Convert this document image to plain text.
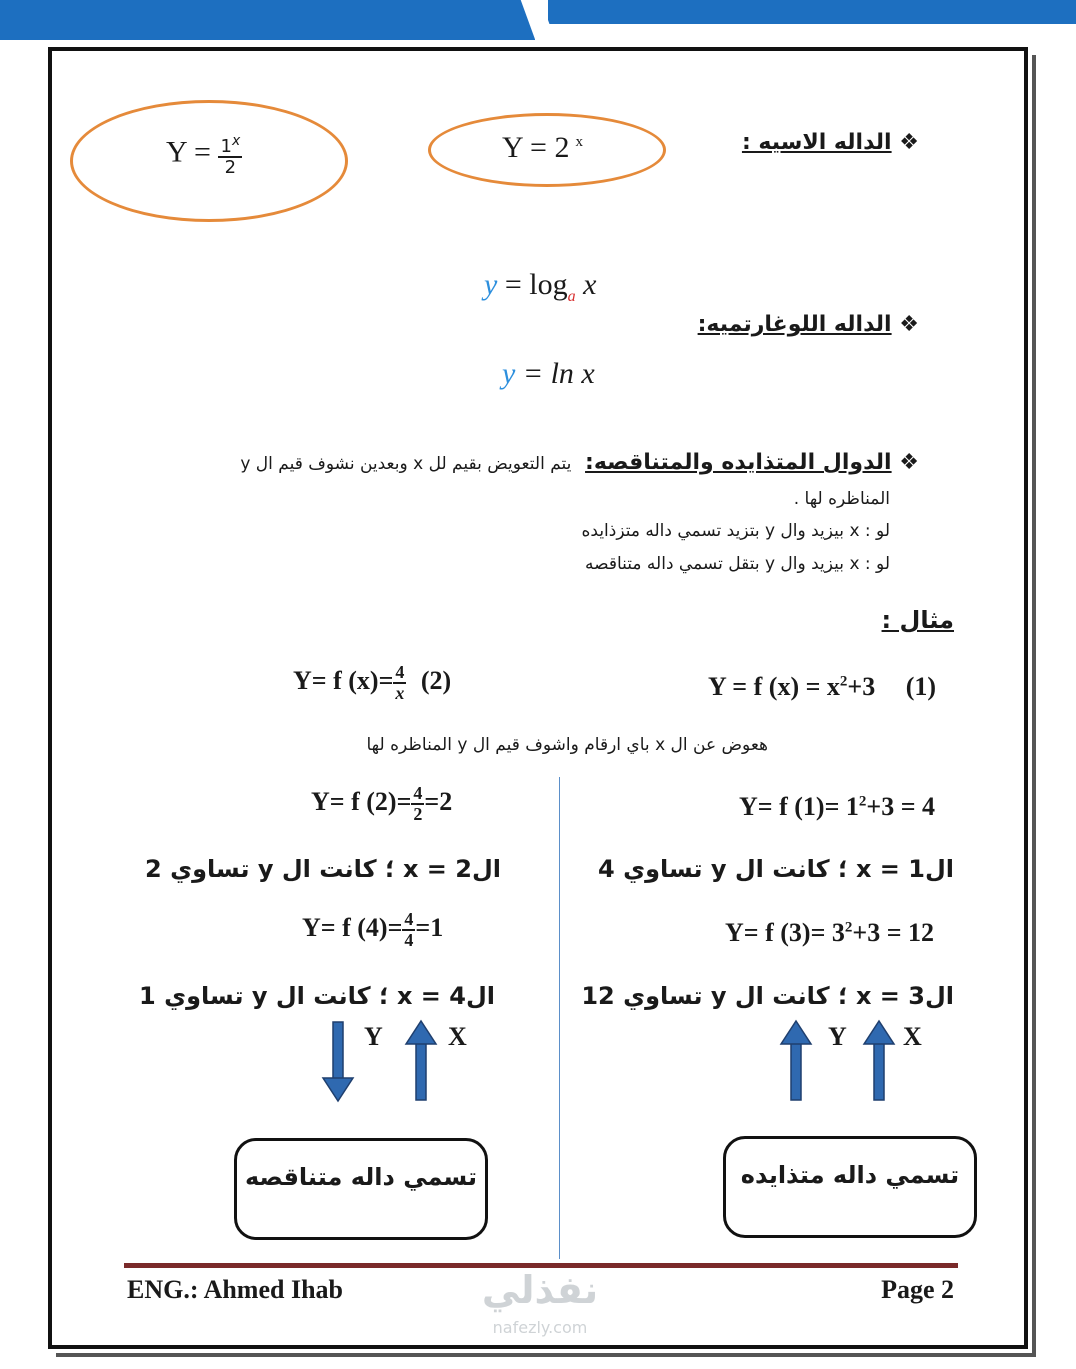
❖ الداله الاسيه :
Y = 2 $^x$
$Y = \frac{1^x}{2}$
$y = \log_a x$
❖ الداله اللوغارتميه:
y = ln x
❖ الدوال المتذايده والمتناقصه: يتم التعويض بقيم لل x وبعدين نشوف قيم ال y
المناظره لها .
لو : x بيزيد وال y بتزيد تسمي داله متزذايده
لو : x بيزيد وال y بتقل تسمي داله متناقصه
مثال :
Y = f $(x) = x^2+3$ (1)
Y= f $(x)= \frac{4}{x} (2)$
هعوض عن ال x باي ارقام واشوف قيم ال y المناظره لها
Y= f $(1)= 1^2+3 = 4$
الx = 1 ؛ كانت ال y تساوي 4
Y= f $(3)= 3^2+3 = 12$
الx = 3 ؛ كانت ال y تساوي 12
Y X
تسمي داله متذايده
Y= f $(2)= \frac{4}{2} =2$
الx = 2 ؛ كانت ال y تساوي 2
Y= f $(4)= \frac{4}{4} =1$
الx = 4 ؛ كانت ال y تساوي 1
Y	X
تسمي داله متناقصه
ENG.: Ahmed Ihab	Page 2
نفذلي
nafezly.com
